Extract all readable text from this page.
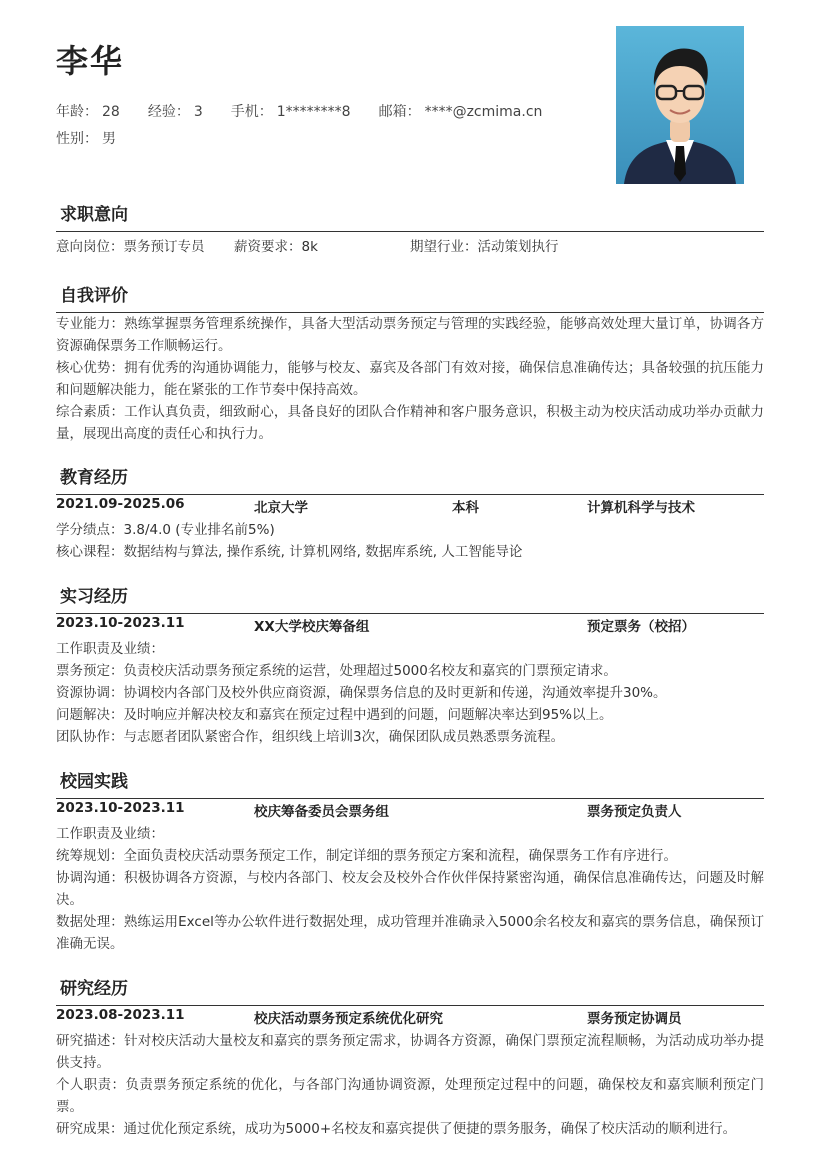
李华
年龄： 28 经验： 3 手机： 1********8 邮箱： ****@zcmima.cn
性别： 男
求职意向
意向岗位：票务预订专员 薪资要求：8k	期望行业：活动策划执行
自我评价
专业能力：熟练掌握票务管理系统操作，具备大型活动票务预定与管理的实践经验，能够高效处理大量订单，协调各方资源确保票务工作顺畅运行。
核心优势：拥有优秀的沟通协调能力，能够与校友、嘉宾及各部门有效对接，确保信息准确传达；具备较强的抗压能力和问题解决能力，能在紧张的工作节奏中保持高效。
综合素质：工作认真负责，细致耐心，具备良好的团队合作精神和客户服务意识，积极主动为校庆活动成功举办贡献力量，展现出高度的责任心和执行力。
教育经历
2021.09-2025.06	北京大学	本科	计算机科学与技术
学分绩点：3.8/4.0 (专业排名前5%)
核心课程：数据结构与算法, 操作系统, 计算机网络, 数据库系统, 人工智能导论
实习经历
2023.10-2023.11	XX大学校庆筹备组	预定票务（校招）
工作职责及业绩：
票务预定：负责校庆活动票务预定系统的运营，处理超过5000名校友和嘉宾的门票预定请求。
资源协调：协调校内各部门及校外供应商资源，确保票务信息的及时更新和传递，沟通效率提升30%。
问题解决：及时响应并解决校友和嘉宾在预定过程中遇到的问题，问题解决率达到95%以上。
团队协作：与志愿者团队紧密合作，组织线上培训3次，确保团队成员熟悉票务流程。
校园实践
2023.10-2023.11	校庆筹备委员会票务组	票务预定负责人
工作职责及业绩：
统筹规划：全面负责校庆活动票务预定工作，制定详细的票务预定方案和流程，确保票务工作有序进行。
协调沟通：积极协调各方资源，与校内各部门、校友会及校外合作伙伴保持紧密沟通，确保信息准确传达，问题及时解决。
数据处理：熟练运用Excel等办公软件进行数据处理，成功管理并准确录入5000余名校友和嘉宾的票务信息，确保预订准确无误。
研究经历
2023.08-2023.11	校庆活动票务预定系统优化研究	票务预定协调员
研究描述：针对校庆活动大量校友和嘉宾的票务预定需求，协调各方资源，确保门票预定流程顺畅，为活动成功举办提供支持。
个人职责：负责票务预定系统的优化，与各部门沟通协调资源，处理预定过程中的问题，确保校友和嘉宾顺利预定门票。
研究成果：通过优化预定系统，成功为5000+名校友和嘉宾提供了便捷的票务服务，确保了校庆活动的顺利进行。
